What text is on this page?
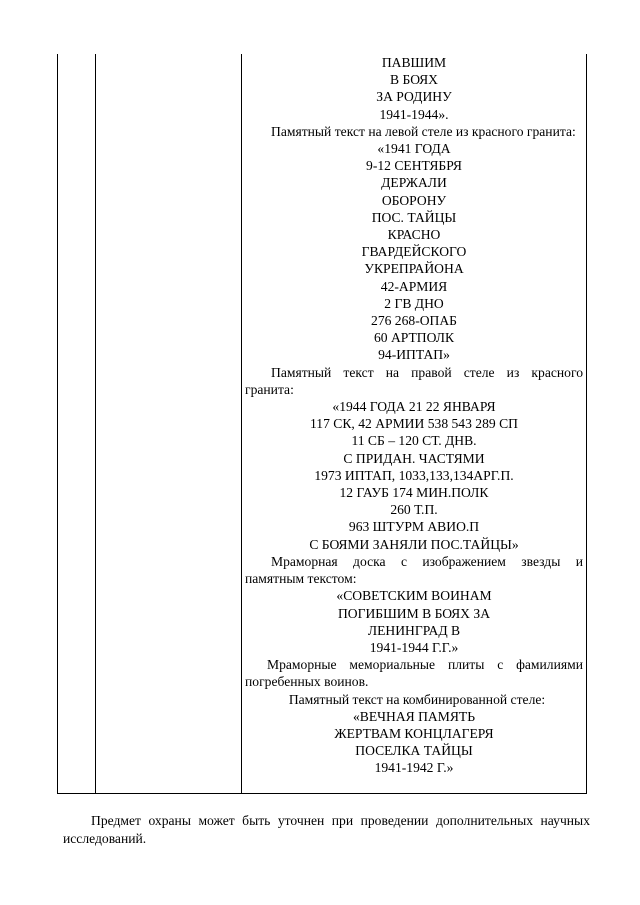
ПАВШИМ

В БОЯХ

ЗА РОДИНУ

1941-1944».

Памятный текст на левой стеле из красного гранита:

«1941 ГОДА

9-12 СЕНТЯБРЯ

ДЕРЖАЛИ

ОБОРОНУ

ПОС. ТАЙЦЫ

КРАСНО

ГВАРДЕЙСКОГО

УКРЕПРАЙОНА

42-АРМИЯ

2 ГВ ДНО

276 268-ОПАБ

60 АРТПОЛК

94-ИПТАП»

Памятный текст на правой стеле из красного гранита:

«1944 ГОДА 21 22 ЯНВАРЯ

117 СК, 42 АРМИИ 538 543 289 СП

11 СБ – 120 СТ. ДНВ.

С ПРИДАН. ЧАСТЯМИ

1973 ИПТАП, 1033,133,134АРГ.П.

12 ГАУБ 174 МИН.ПОЛК

260 Т.П.

963 ШТУРМ АВИО.П

С БОЯМИ ЗАНЯЛИ ПОС.ТАЙЦЫ»

Мраморная доска с изображением звезды и памятным текстом:

«СОВЕТСКИМ ВОИНАМ

ПОГИБШИМ В БОЯХ ЗА

ЛЕНИНГРАД В

1941-1944 Г.Г.»

Мраморные мемориальные плиты с фамилиями погребенных воинов.

Памятный текст на комбинированной стеле:

«ВЕЧНАЯ ПАМЯТЬ

ЖЕРТВАМ КОНЦЛАГЕРЯ

ПОСЕЛКА ТАЙЦЫ

1941-1942 Г.»

Предмет охраны может быть уточнен при проведении дополнительных научных исследований.
